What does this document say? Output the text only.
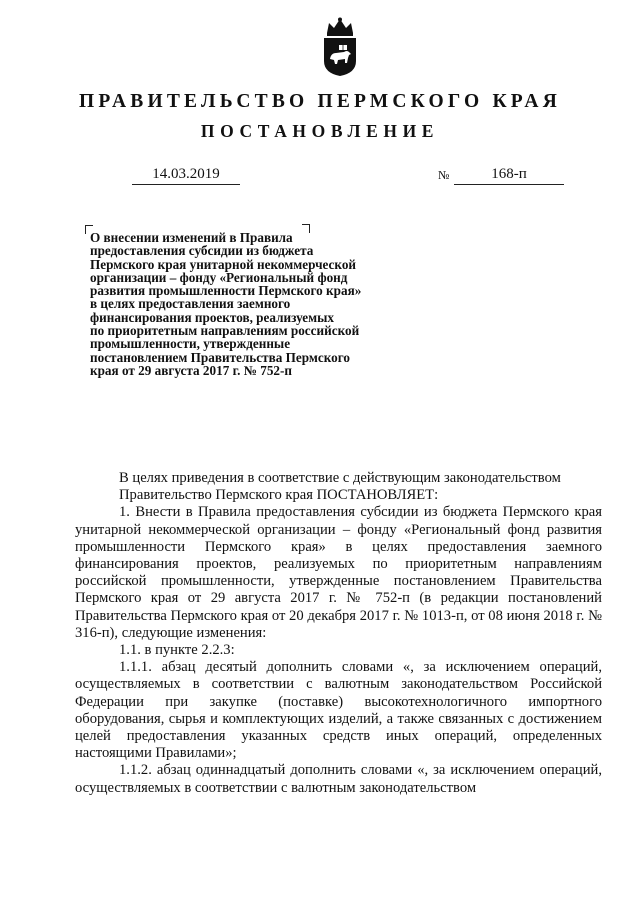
ПРАВИТЕЛЬСТВО ПЕРМСКОГО КРАЯ
ПОСТАНОВЛЕНИЕ
14.03.2019	№	168-п
О внесении изменений в Правила
предоставления субсидии из бюджета
Пермского края унитарной некоммерческой
организации – фонду «Региональный фонд
развития промышленности Пермского края»
в целях предоставления заемного
финансирования проектов, реализуемых
по приоритетным направлениям российской
промышленности, утвержденные
постановлением Правительства Пермского
края от 29 августа 2017 г. № 752-п

В целях приведения в соответствие с действующим законодательством

Правительство Пермского края ПОСТАНОВЛЯЕТ:

1. Внести в Правила предоставления субсидии из бюджета Пермского края унитарной некоммерческой организации – фонду «Региональный фонд развития промышленности Пермского края» в целях предоставления заемного финансирования проектов, реализуемых по приоритетным направлениям российской промышленности, утвержденные постановлением Правительства Пермского края от 29 августа 2017 г. № 752-п (в редакции постановлений Правительства Пермского края от 20 декабря 2017 г. № 1013-п, от 08 июня 2018 г. № 316-п), следующие изменения:

1.1. в пункте 2.2.3:

1.1.1. абзац десятый дополнить словами «, за исключением операций, осуществляемых в соответствии с валютным законодательством Российской Федерации при закупке (поставке) высокотехнологичного импортного оборудования, сырья и комплектующих изделий, а также связанных с достижением целей предоставления указанных средств иных операций, определенных настоящими Правилами»;

1.1.2. абзац одиннадцатый дополнить словами «, за исключением операций, осуществляемых в соответствии с валютным законодательством
